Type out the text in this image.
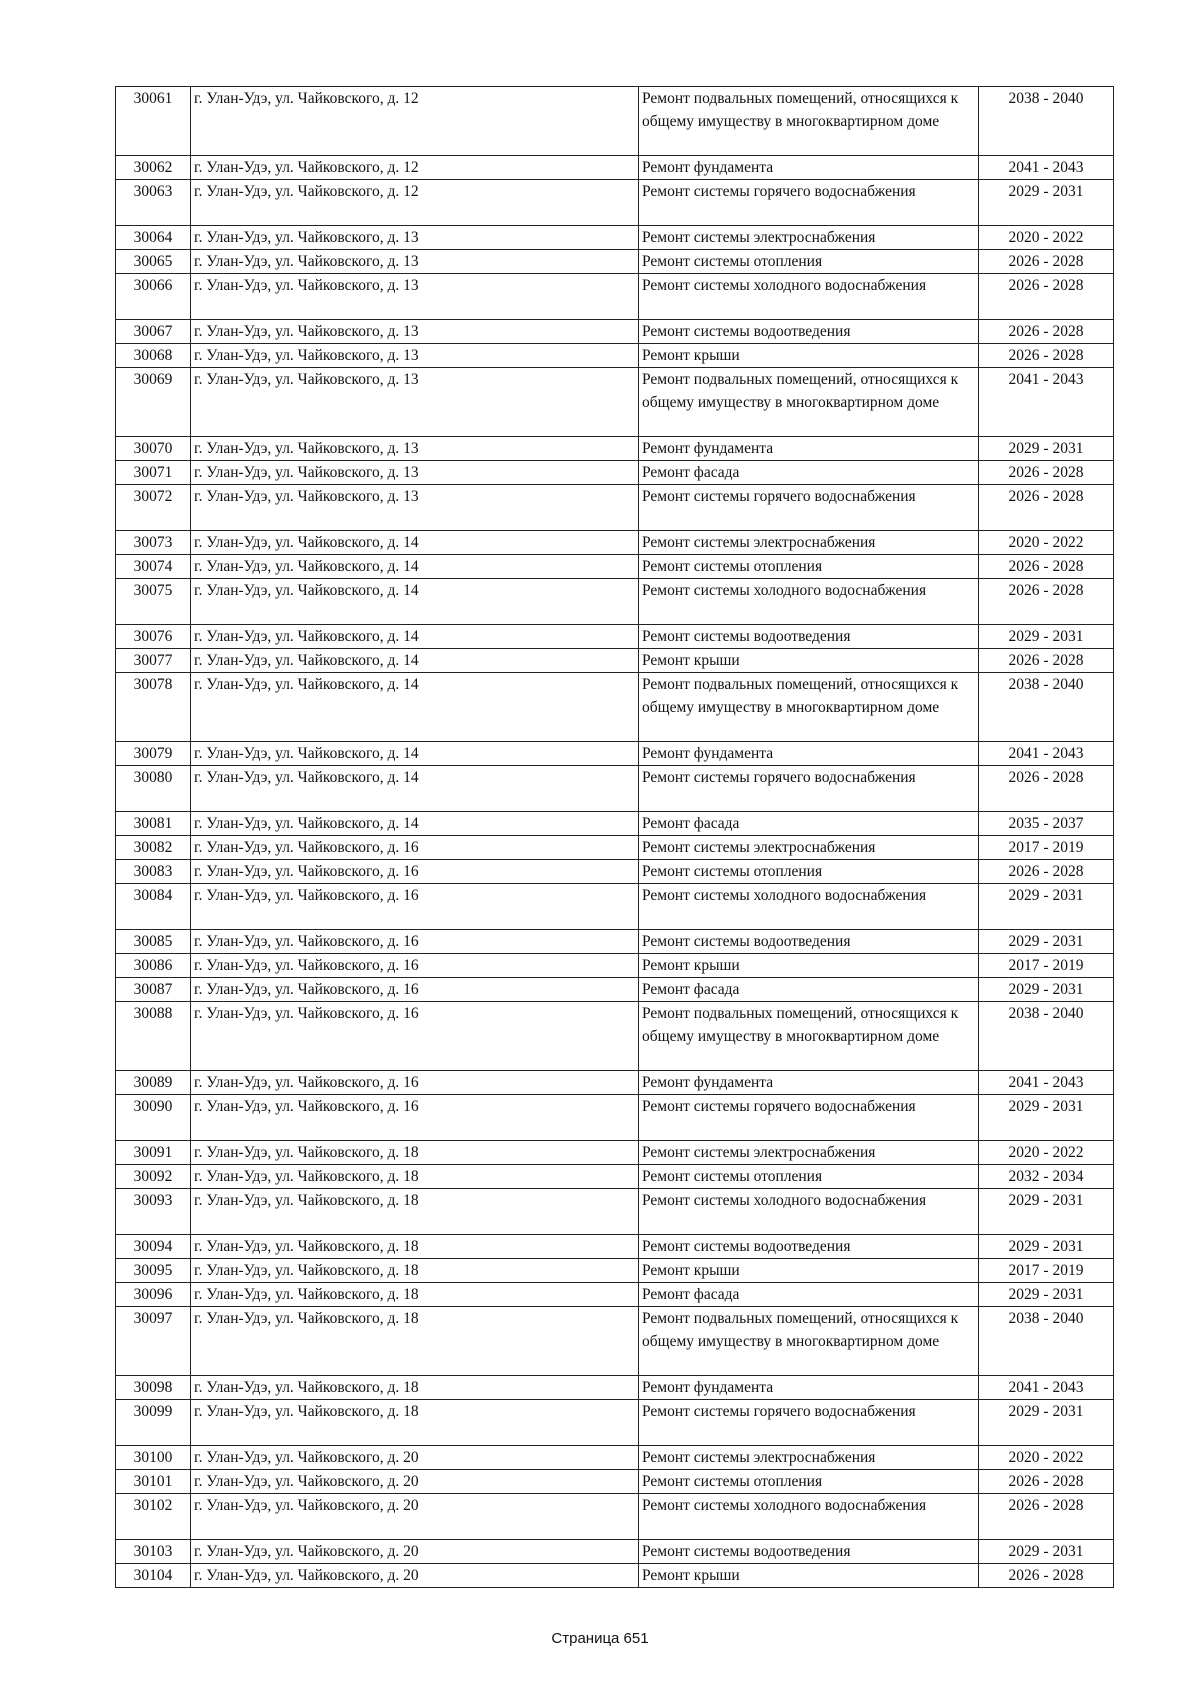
30061	г. Улан-Удэ, ул. Чайковского, д. 12	Ремонт подвальных помещений, относящихся к общему имуществу в многоквартирном доме	2038 - 2040
30062	г. Улан-Удэ, ул. Чайковского, д. 12	Ремонт фундамента	2041 - 2043
30063	г. Улан-Удэ, ул. Чайковского, д. 12	Ремонт системы горячего водоснабжения	2029 - 2031
30064	г. Улан-Удэ, ул. Чайковского, д. 13	Ремонт системы электроснабжения	2020 - 2022
30065	г. Улан-Удэ, ул. Чайковского, д. 13	Ремонт системы отопления	2026 - 2028
30066	г. Улан-Удэ, ул. Чайковского, д. 13	Ремонт системы холодного водоснабжения	2026 - 2028
30067	г. Улан-Удэ, ул. Чайковского, д. 13	Ремонт системы водоотведения	2026 - 2028
30068	г. Улан-Удэ, ул. Чайковского, д. 13	Ремонт крыши	2026 - 2028
30069	г. Улан-Удэ, ул. Чайковского, д. 13	Ремонт подвальных помещений, относящихся к общему имуществу в многоквартирном доме	2041 - 2043
30070	г. Улан-Удэ, ул. Чайковского, д. 13	Ремонт фундамента	2029 - 2031
30071	г. Улан-Удэ, ул. Чайковского, д. 13	Ремонт фасада	2026 - 2028
30072	г. Улан-Удэ, ул. Чайковского, д. 13	Ремонт системы горячего водоснабжения	2026 - 2028
30073	г. Улан-Удэ, ул. Чайковского, д. 14	Ремонт системы электроснабжения	2020 - 2022
30074	г. Улан-Удэ, ул. Чайковского, д. 14	Ремонт системы отопления	2026 - 2028
30075	г. Улан-Удэ, ул. Чайковского, д. 14	Ремонт системы холодного водоснабжения	2026 - 2028
30076	г. Улан-Удэ, ул. Чайковского, д. 14	Ремонт системы водоотведения	2029 - 2031
30077	г. Улан-Удэ, ул. Чайковского, д. 14	Ремонт крыши	2026 - 2028
30078	г. Улан-Удэ, ул. Чайковского, д. 14	Ремонт подвальных помещений, относящихся к общему имуществу в многоквартирном доме	2038 - 2040
30079	г. Улан-Удэ, ул. Чайковского, д. 14	Ремонт фундамента	2041 - 2043
30080	г. Улан-Удэ, ул. Чайковского, д. 14	Ремонт системы горячего водоснабжения	2026 - 2028
30081	г. Улан-Удэ, ул. Чайковского, д. 14	Ремонт фасада	2035 - 2037
30082	г. Улан-Удэ, ул. Чайковского, д. 16	Ремонт системы электроснабжения	2017 - 2019
30083	г. Улан-Удэ, ул. Чайковского, д. 16	Ремонт системы отопления	2026 - 2028
30084	г. Улан-Удэ, ул. Чайковского, д. 16	Ремонт системы холодного водоснабжения	2029 - 2031
30085	г. Улан-Удэ, ул. Чайковского, д. 16	Ремонт системы водоотведения	2029 - 2031
30086	г. Улан-Удэ, ул. Чайковского, д. 16	Ремонт крыши	2017 - 2019
30087	г. Улан-Удэ, ул. Чайковского, д. 16	Ремонт фасада	2029 - 2031
30088	г. Улан-Удэ, ул. Чайковского, д. 16	Ремонт подвальных помещений, относящихся к общему имуществу в многоквартирном доме	2038 - 2040
30089	г. Улан-Удэ, ул. Чайковского, д. 16	Ремонт фундамента	2041 - 2043
30090	г. Улан-Удэ, ул. Чайковского, д. 16	Ремонт системы горячего водоснабжения	2029 - 2031
30091	г. Улан-Удэ, ул. Чайковского, д. 18	Ремонт системы электроснабжения	2020 - 2022
30092	г. Улан-Удэ, ул. Чайковского, д. 18	Ремонт системы отопления	2032 - 2034
30093	г. Улан-Удэ, ул. Чайковского, д. 18	Ремонт системы холодного водоснабжения	2029 - 2031
30094	г. Улан-Удэ, ул. Чайковского, д. 18	Ремонт системы водоотведения	2029 - 2031
30095	г. Улан-Удэ, ул. Чайковского, д. 18	Ремонт крыши	2017 - 2019
30096	г. Улан-Удэ, ул. Чайковского, д. 18	Ремонт фасада	2029 - 2031
30097	г. Улан-Удэ, ул. Чайковского, д. 18	Ремонт подвальных помещений, относящихся к общему имуществу в многоквартирном доме	2038 - 2040
30098	г. Улан-Удэ, ул. Чайковского, д. 18	Ремонт фундамента	2041 - 2043
30099	г. Улан-Удэ, ул. Чайковского, д. 18	Ремонт системы горячего водоснабжения	2029 - 2031
30100	г. Улан-Удэ, ул. Чайковского, д. 20	Ремонт системы электроснабжения	2020 - 2022
30101	г. Улан-Удэ, ул. Чайковского, д. 20	Ремонт системы отопления	2026 - 2028
30102	г. Улан-Удэ, ул. Чайковского, д. 20	Ремонт системы холодного водоснабжения	2026 - 2028
30103	г. Улан-Удэ, ул. Чайковского, д. 20	Ремонт системы водоотведения	2029 - 2031
30104	г. Улан-Удэ, ул. Чайковского, д. 20	Ремонт крыши	2026 - 2028
Страница 651
